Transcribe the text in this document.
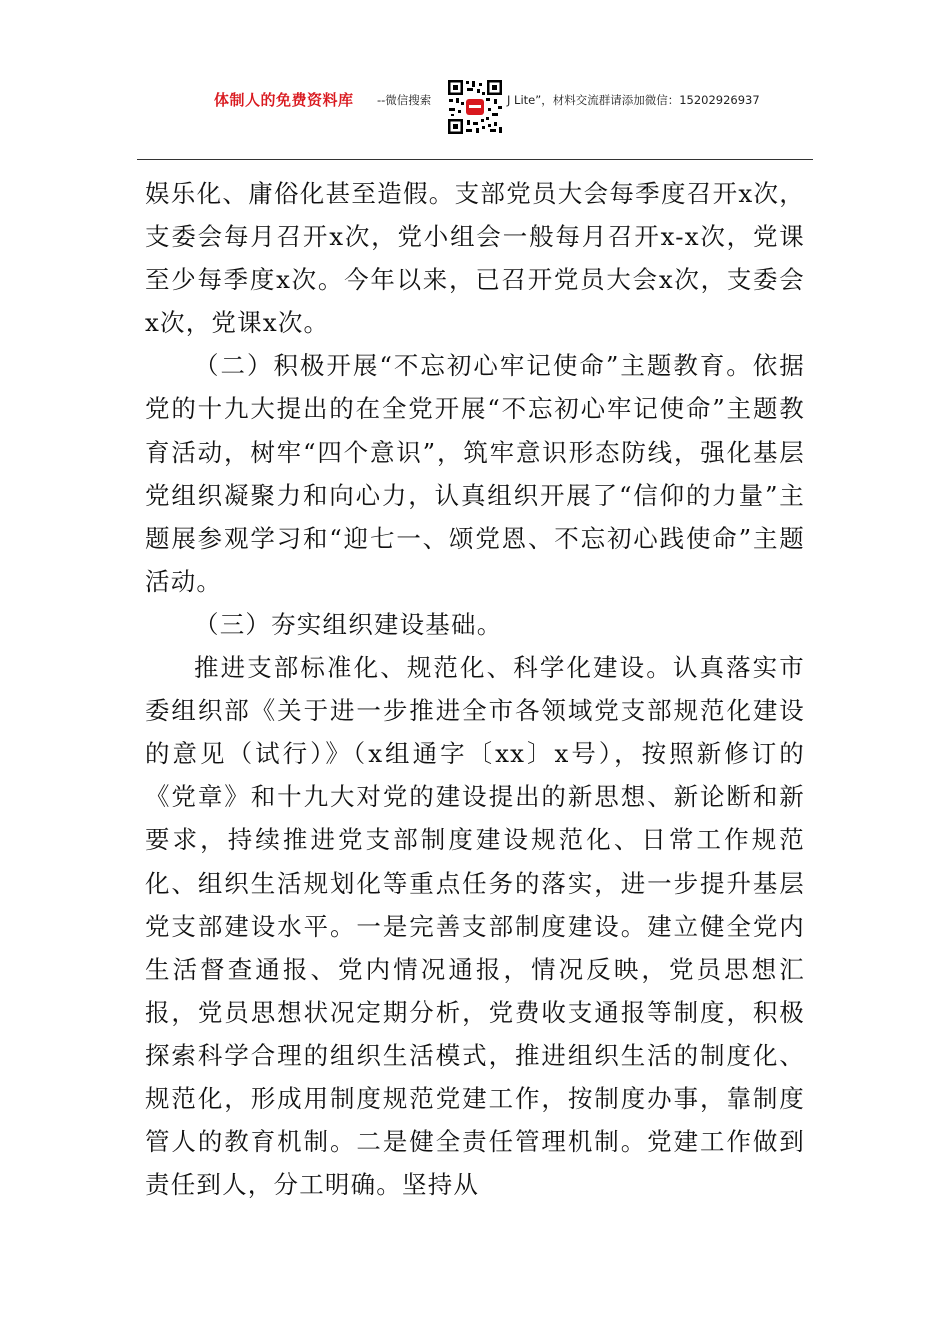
体制人的免费资料库 --微信搜索	J Lite”，材料交流群请添加微信：15202926937

娱乐化、庸俗化甚至造假。支部党员大会每季度召开x次，支委会每月召开x次，党小组会一般每月召开x-x次，党课至少每季度x次。今年以来，已召开党员大会x次，支委会x次，党课x次。

（二）积极开展“不忘初心牢记使命”主题教育。依据党的十九大提出的在全党开展“不忘初心牢记使命”主题教育活动，树牢“四个意识”，筑牢意识形态防线，强化基层党组织凝聚力和向心力，认真组织开展了“信仰的力量”主题展参观学习和“迎七一、颂党恩、不忘初心践使命”主题活动。

（三）夯实组织建设基础。

推进支部标准化、规范化、科学化建设。认真落实市委组织部《关于进一步推进全市各领域党支部规范化建设的意见（试行）》（x组通字〔xx〕x号），按照新修订的《党章》和十九大对党的建设提出的新思想、新论断和新要求，持续推进党支部制度建设规范化、日常工作规范化、组织生活规划化等重点任务的落实，进一步提升基层党支部建设水平。一是完善支部制度建设。建立健全党内生活督查通报、党内情况通报，情况反映，党员思想汇报，党员思想状况定期分析，党费收支通报等制度，积极探索科学合理的组织生活模式，推进组织生活的制度化、规范化，形成用制度规范党建工作，按制度办事，靠制度管人的教育机制。二是健全责任管理机制。党建工作做到责任到人，分工明确。坚持从
